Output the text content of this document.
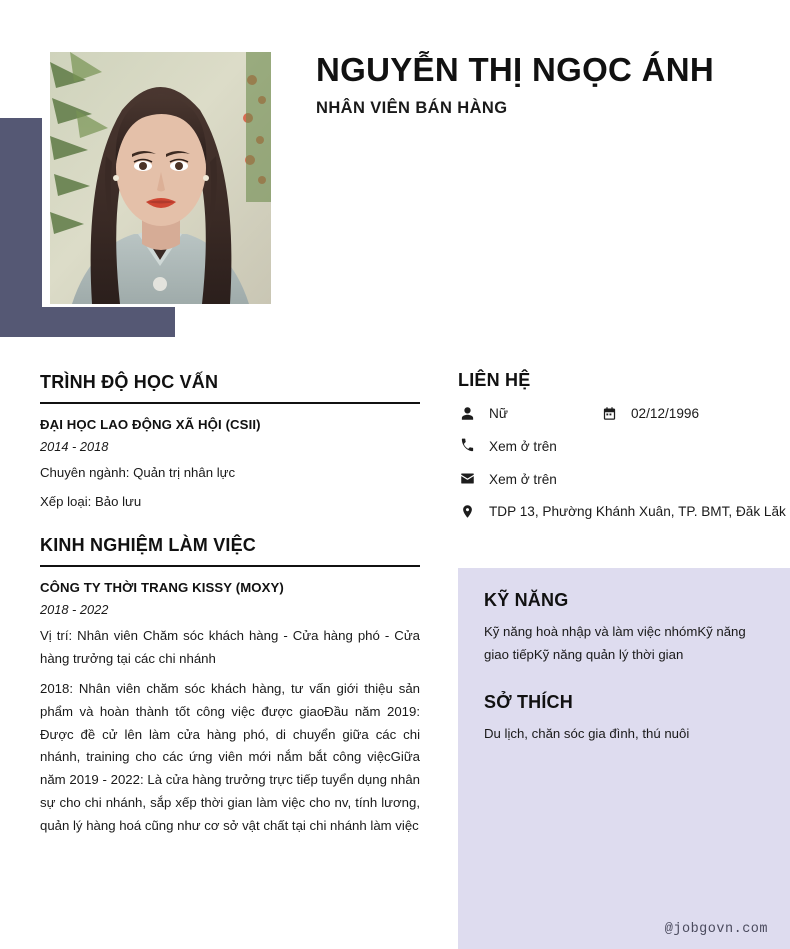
NGUYỄN THỊ NGỌC ÁNH

NHÂN VIÊN BÁN HÀNG

TRÌNH ĐỘ HỌC VẤN

ĐẠI HỌC LAO ĐỘNG XÃ HỘI (CSII)

2014 - 2018

Chuyên ngành: Quản trị nhân lực

Xếp loại: Bảo lưu

KINH NGHIỆM LÀM VIỆC

CÔNG TY THỜI TRANG KISSY (MOXY)

2018 - 2022

Vị trí: Nhân viên Chăm sóc khách hàng - Cửa hàng phó - Cửa hàng trưởng tại các chi nhánh

2018: Nhân viên chăm sóc khách hàng, tư vấn giới thiệu sản phẩm và hoàn thành tốt công việc được giaoĐầu năm 2019: Được đề cử lên làm cửa hàng phó, di chuyển giữa các chi nhánh, training cho các ứng viên mới nắm bắt công việcGiữa năm 2019 - 2022: Là cửa hàng trưởng trực tiếp tuyển dụng nhân sự cho chi nhánh, sắp xếp thời gian làm việc cho nv, tính lương, quản lý hàng hoá cũng như cơ sở vật chất tại chi nhánh làm việc

LIÊN HỆ
Nữ	02/12/1996
Xem ở trên
Xem ở trên
TDP 13, Phường Khánh Xuân, TP. BMT, Đăk Lăk
KỸ NĂNG

Kỹ năng hoà nhập và làm việc nhómKỹ năng giao tiếpKỹ năng quản lý thời gian

SỞ THÍCH

Du lịch, chăn sóc gia đình, thú nuôi

@jobgovn.com
